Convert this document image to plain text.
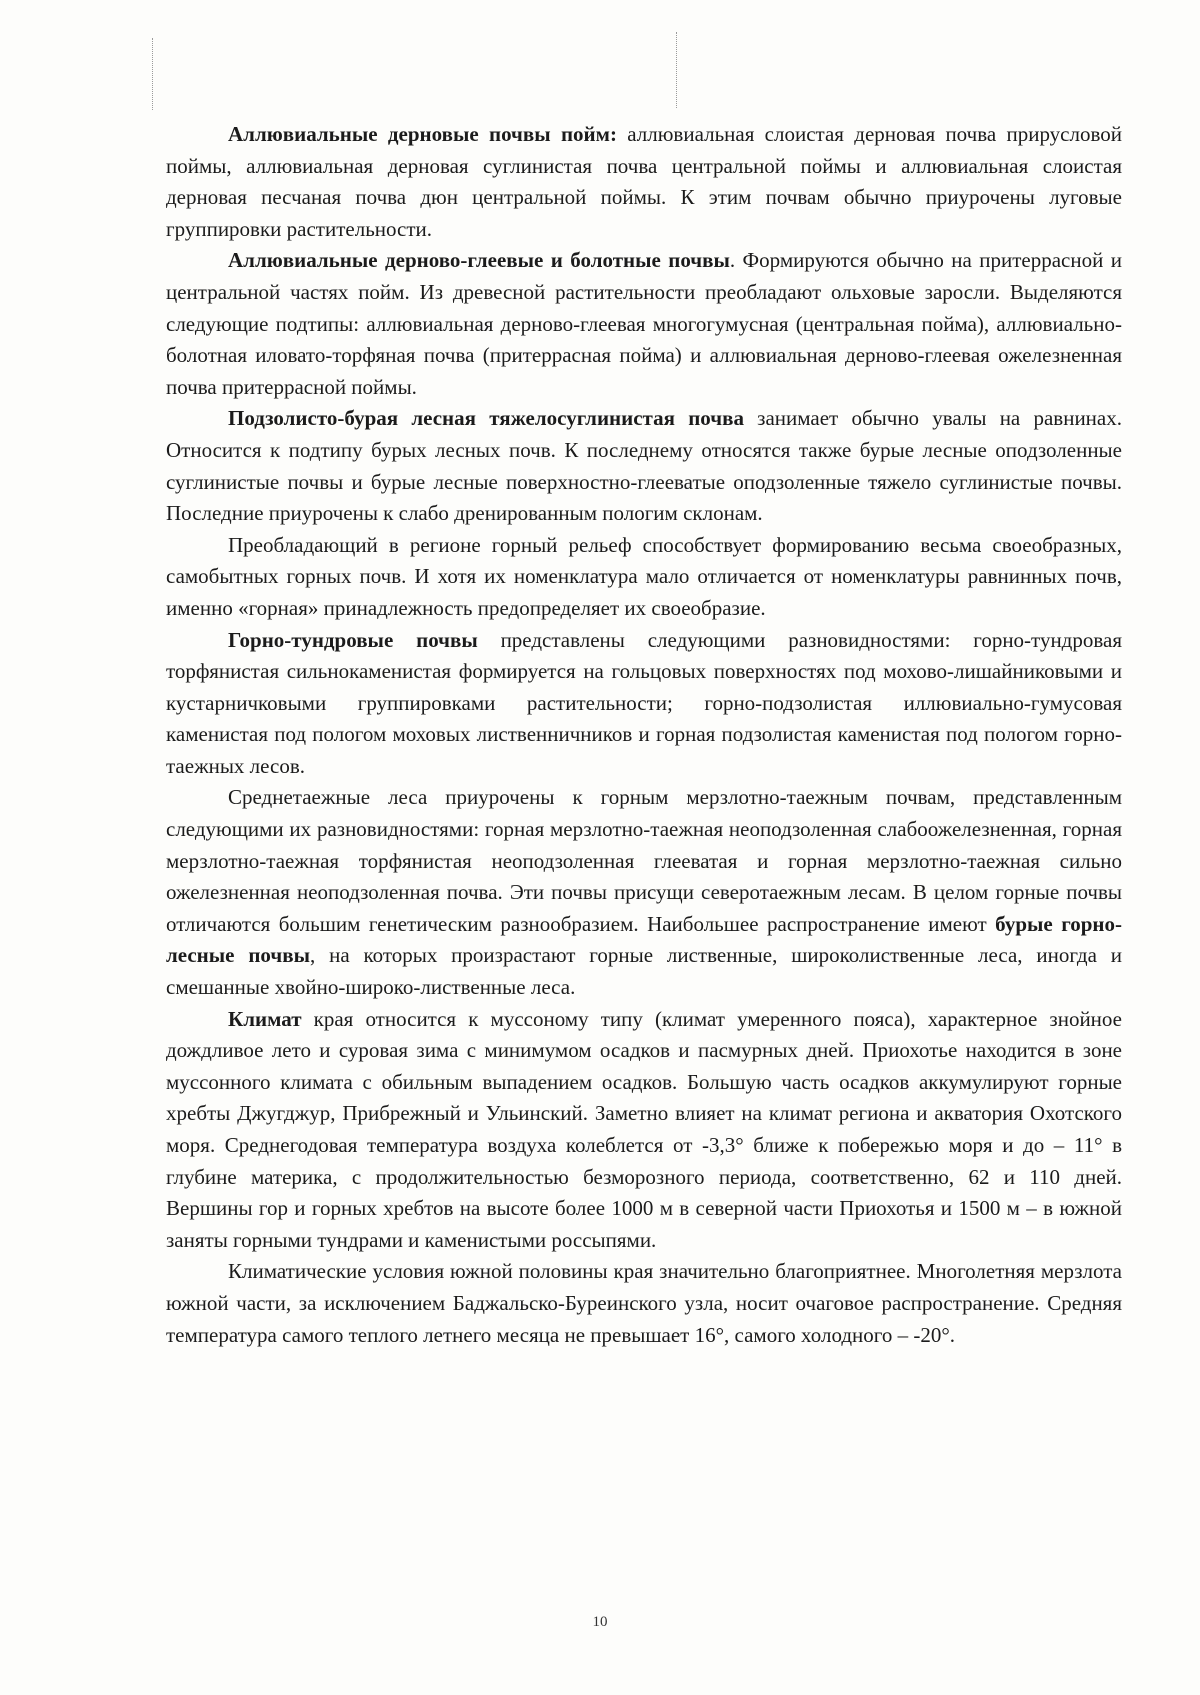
Аллювиальные дерновые почвы пойм: аллювиальная слоистая дерновая почва прирусловой поймы, аллювиальная дерновая суглинистая почва центральной поймы и аллювиальная слоистая дерновая песчаная почва дюн центральной поймы. К этим почвам обычно приурочены луговые группировки растительности.

Аллювиальные дерново-глеевые и болотные почвы. Формируются обычно на притеррасной и центральной частях пойм. Из древесной растительности преобладают ольховые заросли. Выделяются следующие подтипы: аллювиальная дерново-глеевая многогумусная (центральная пойма), аллювиально-болотная иловато-торфяная почва (притеррасная пойма) и аллювиальная дерново-глеевая ожелезненная почва притеррасной поймы.

Подзолисто-бурая лесная тяжелосуглинистая почва занимает обычно увалы на равнинах. Относится к подтипу бурых лесных почв. К последнему относятся также бурые лесные оподзоленные суглинистые почвы и бурые лесные поверхностно-глееватые оподзоленные тяжело суглинистые почвы. Последние приурочены к слабо дренированным пологим склонам.

Преобладающий в регионе горный рельеф способствует формированию весьма своеобразных, самобытных горных почв. И хотя их номенклатура мало отличается от номенклатуры равнинных почв, именно «горная» принадлежность предопределяет их своеобразие.

Горно-тундровые почвы представлены следующими разновидностями: горно-тундровая торфянистая сильнокаменистая формируется на гольцовых поверхностях под мохово-лишайниковыми и кустарничковыми группировками растительности; горно-подзолистая иллювиально-гумусовая каменистая под пологом моховых лиственничников и горная подзолистая каменистая под пологом горно-таежных лесов.

Среднетаежные леса приурочены к горным мерзлотно-таежным почвам, представленным следующими их разновидностями: горная мерзлотно-таежная неоподзоленная слабоожелезненная, горная мерзлотно-таежная торфянистая неоподзоленная глееватая и горная мерзлотно-таежная сильно ожелезненная неоподзоленная почва. Эти почвы присущи северотаежным лесам. В целом горные почвы отличаются большим генетическим разнообразием. Наибольшее распространение имеют бурые горно-лесные почвы, на которых произрастают горные лиственные, широколиственные леса, иногда и смешанные хвойно-широко-лиственные леса.

Климат края относится к муссоному типу (климат умеренного пояса), характерное знойное дождливое лето и суровая зима с минимумом осадков и пасмурных дней. Приохотье находится в зоне муссонного климата с обильным выпадением осадков. Большую часть осадков аккумулируют горные хребты Джугджур, Прибрежный и Ульинский. Заметно влияет на климат региона и акватория Охотского моря. Среднегодовая температура воздуха колеблется от -3,3° ближе к побережью моря и до – 11° в глубине материка, с продолжительностью безморозного периода, соответственно, 62 и 110 дней. Вершины гор и горных хребтов на высоте более 1000 м в северной части Приохотья и 1500 м – в южной заняты горными тундрами и каменистыми россыпями.

Климатические условия южной половины края значительно благоприятнее. Многолетняя мерзлота южной части, за исключением Баджальско-Буреинского узла, носит очаговое распространение. Средняя температура самого теплого летнего месяца не превышает 16°, самого холодного – -20°.

10
